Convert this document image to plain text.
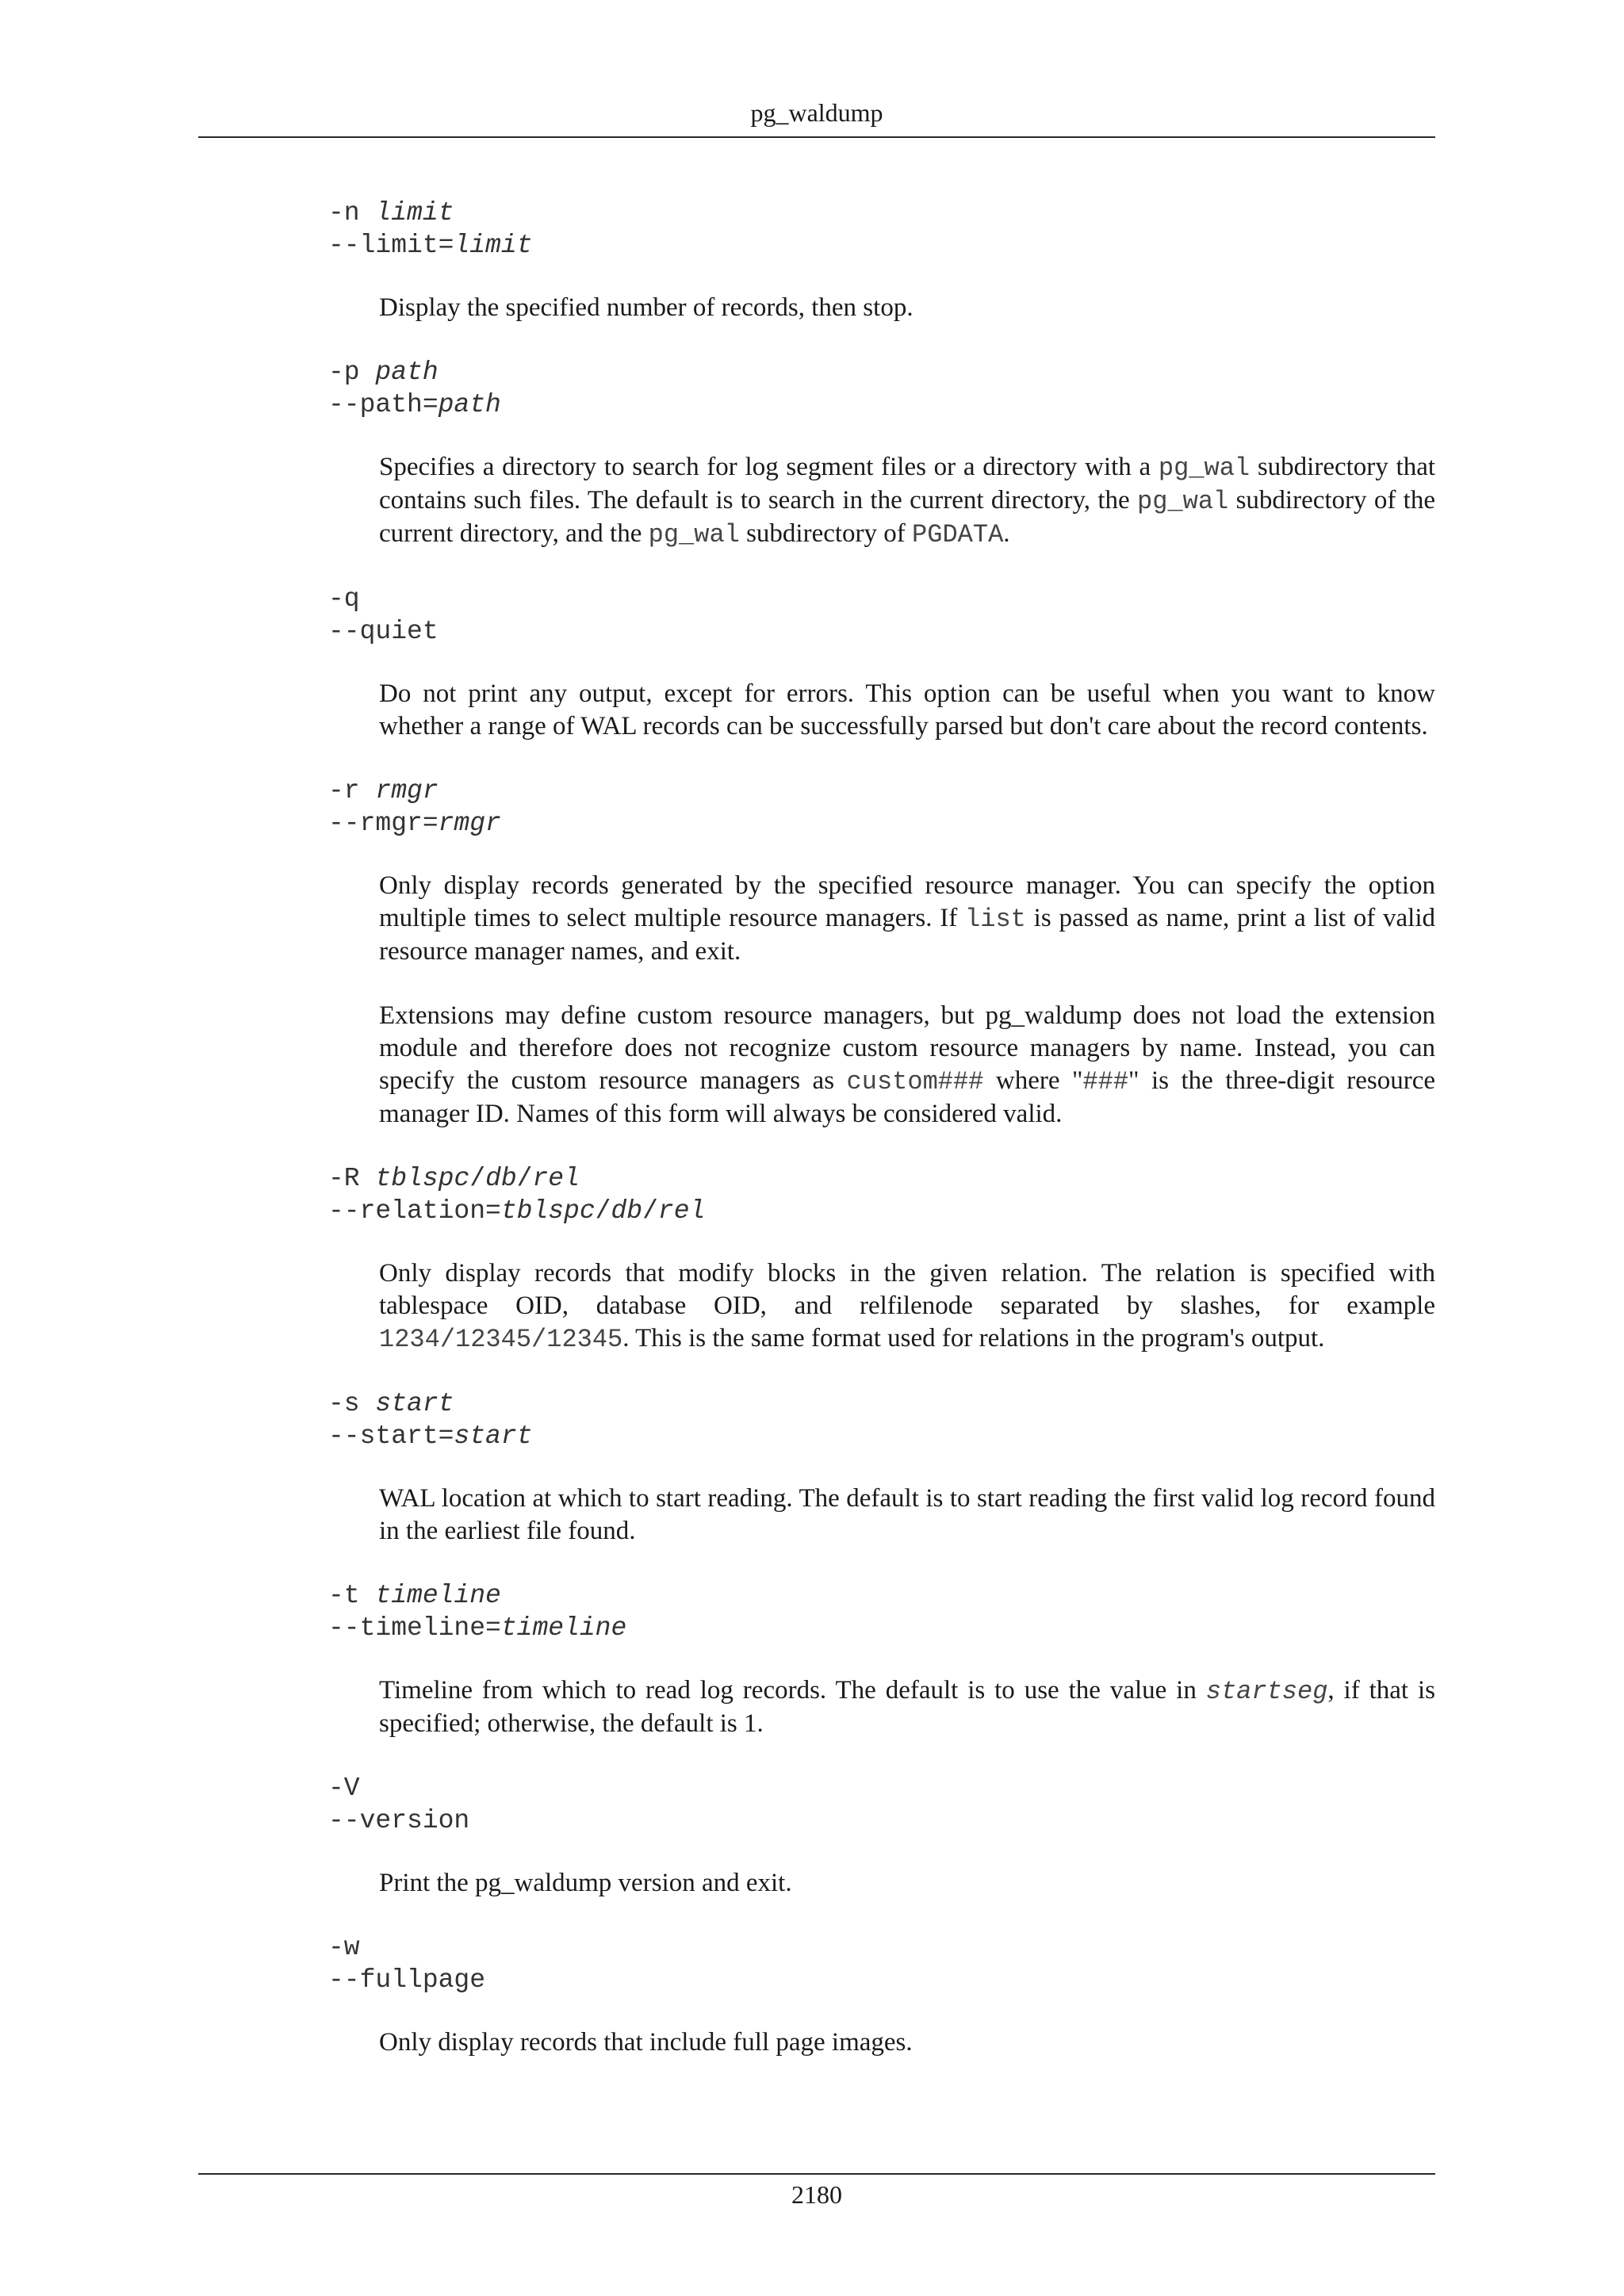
pg_waldump
-n limit
--limit=limit

Display the specified number of records, then stop.

-p path
--path=path

Specifies a directory to search for log segment files or a directory with a pg_wal subdirectory that contains such files. The default is to search in the current directory, the pg_wal subdirectory of the current directory, and the pg_wal subdirectory of PGDATA.

-q
--quiet

Do not print any output, except for errors. This option can be useful when you want to know whether a range of WAL records can be successfully parsed but don't care about the record contents.

-r rmgr
--rmgr=rmgr

Only display records generated by the specified resource manager. You can specify the option multiple times to select multiple resource managers. If list is passed as name, print a list of valid resource manager names, and exit.

Extensions may define custom resource managers, but pg_waldump does not load the extension module and therefore does not recognize custom resource managers by name. Instead, you can specify the custom resource managers as custom### where "###" is the three-digit resource manager ID. Names of this form will always be considered valid.

-R tblspc/db/rel
--relation=tblspc/db/rel

Only display records that modify blocks in the given relation. The relation is specified with tablespace OID, database OID, and relfilenode separated by slashes, for example 1234/12345/12345. This is the same format used for relations in the program's output.

-s start
--start=start

WAL location at which to start reading. The default is to start reading the first valid log record found in the earliest file found.

-t timeline
--timeline=timeline

Timeline from which to read log records. The default is to use the value in startseg, if that is specified; otherwise, the default is 1.

-V
--version

Print the pg_waldump version and exit.

-w
--fullpage

Only display records that include full page images.

2180
